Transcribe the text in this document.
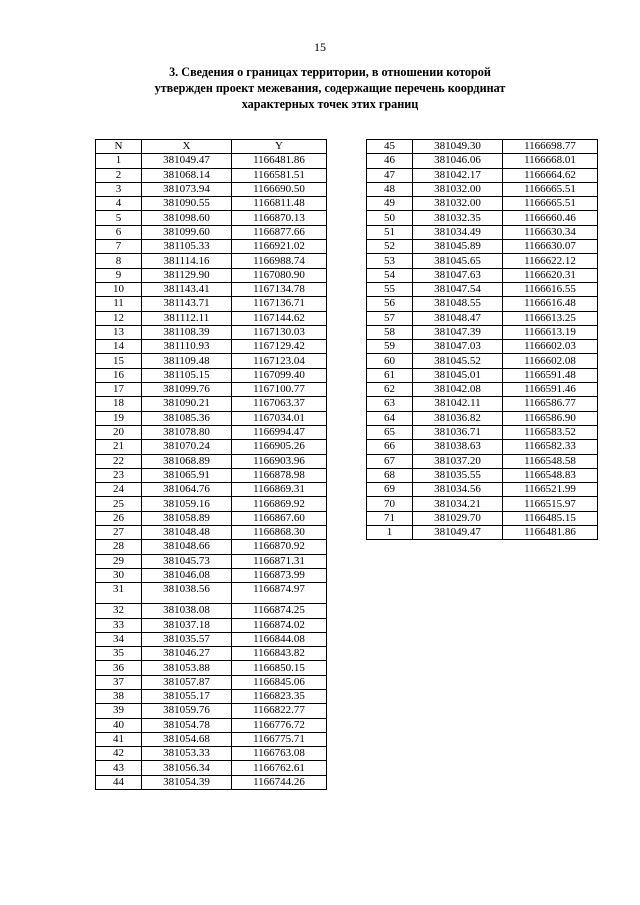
15
3. Сведения о границах территории, в отношении которой
утвержден проект межевания, содержащие перечень координат
характерных точек этих границ
N	X	Y
1	381049.47	1166481.86
2	381068.14	1166581.51
3	381073.94	1166690.50
4	381090.55	1166811.48
5	381098.60	1166870.13
6	381099.60	1166877.66
7	381105.33	1166921.02
8	381114.16	1166988.74
9	381129.90	1167080.90
10	381143.41	1167134.78
11	381143.71	1167136.71
12	381112.11	1167144.62
13	381108.39	1167130.03
14	381110.93	1167129.42
15	381109.48	1167123.04
16	381105.15	1167099.40
17	381099.76	1167100.77
18	381090.21	1167063.37
19	381085.36	1167034.01
20	381078.80	1166994.47
21	381070.24	1166905.26
22	381068.89	1166903.96
23	381065.91	1166878.98
24	381064.76	1166869.31
25	381059.16	1166869.92
26	381058.89	1166867.60
27	381048.48	1166868.30
28	381048.66	1166870.92
29	381045.73	1166871.31
30	381046.08	1166873.99
31	381038.56	1166874.97
32	381038.08	1166874.25
33	381037.18	1166874.02
34	381035.57	1166844.08
35	381046.27	1166843.82
36	381053.88	1166850.15
37	381057.87	1166845.06
38	381055.17	1166823.35
39	381059.76	1166822.77
40	381054.78	1166776.72
41	381054.68	1166775.71
42	381053.33	1166763.08
43	381056.34	1166762.61
44	381054.39	1166744.26
45	381049.30	1166698.77
46	381046.06	1166668.01
47	381042.17	1166664.62
48	381032.00	1166665.51
49	381032.00	1166665.51
50	381032.35	1166660.46
51	381034.49	1166630.34
52	381045.89	1166630.07
53	381045.65	1166622.12
54	381047.63	1166620.31
55	381047.54	1166616.55
56	381048.55	1166616.48
57	381048.47	1166613.25
58	381047.39	1166613.19
59	381047.03	1166602.03
60	381045.52	1166602.08
61	381045.01	1166591.48
62	381042.08	1166591.46
63	381042.11	1166586.77
64	381036.82	1166586.90
65	381036.71	1166583.52
66	381038.63	1166582.33
67	381037.20	1166548.58
68	381035.55	1166548.83
69	381034.56	1166521.99
70	381034.21	1166515.97
71	381029.70	1166485.15
1	381049.47	1166481.86
